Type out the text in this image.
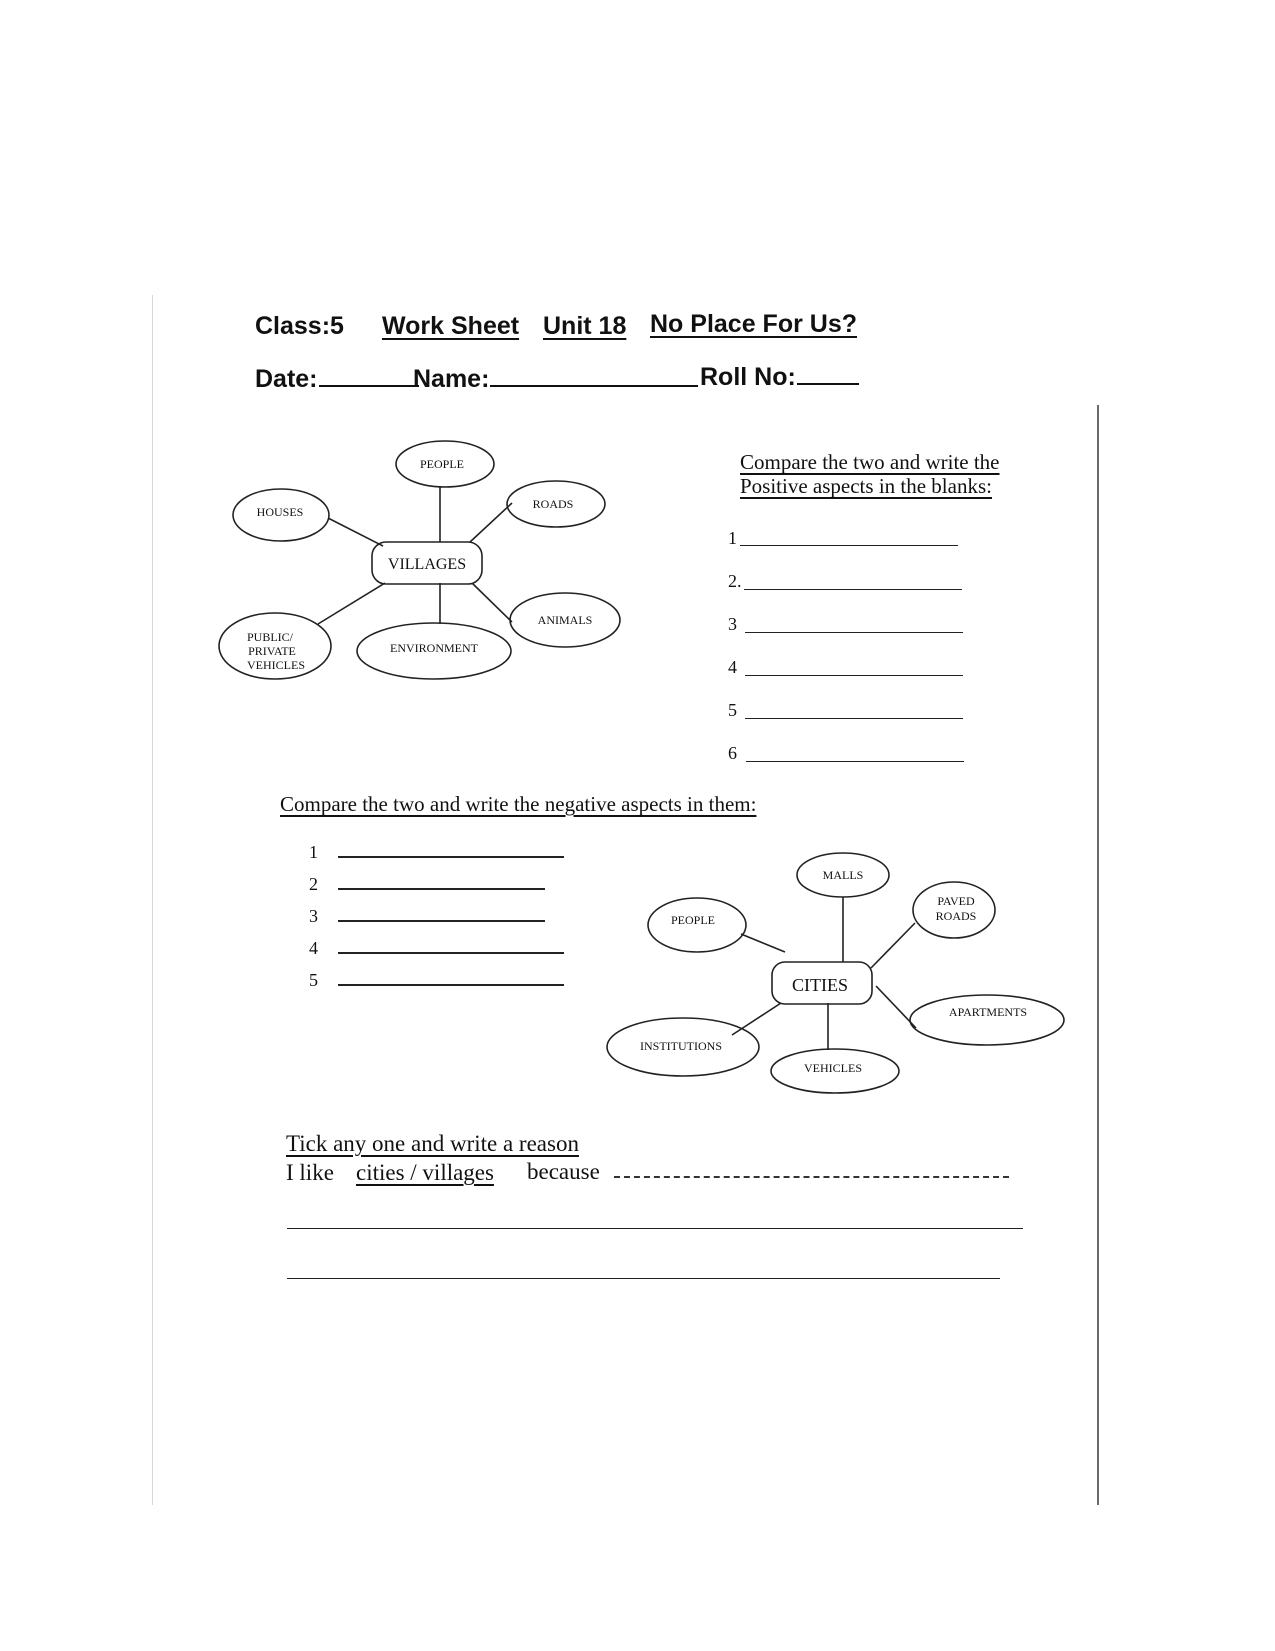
Class:5 Work Sheet Unit 18 No Place For Us?
Date:	Name:	Roll No:
VILLAGES
PEOPLE
ROADS
HOUSES
ANIMALS
ENVIRONMENT
PUBLIC/
PRIVATE
VEHICLES
Compare the two and write the
Positive aspects in the blanks:
1
2.
3
4
5
6
Compare the two and write the negative aspects in them:
1
2
3
4
5	CITIES
MALLS
PAVED
ROADS
PEOPLE
APARTMENTS
INSTITUTIONS
VEHICLES
Tick any one and write a reason
I like cities / villages because
